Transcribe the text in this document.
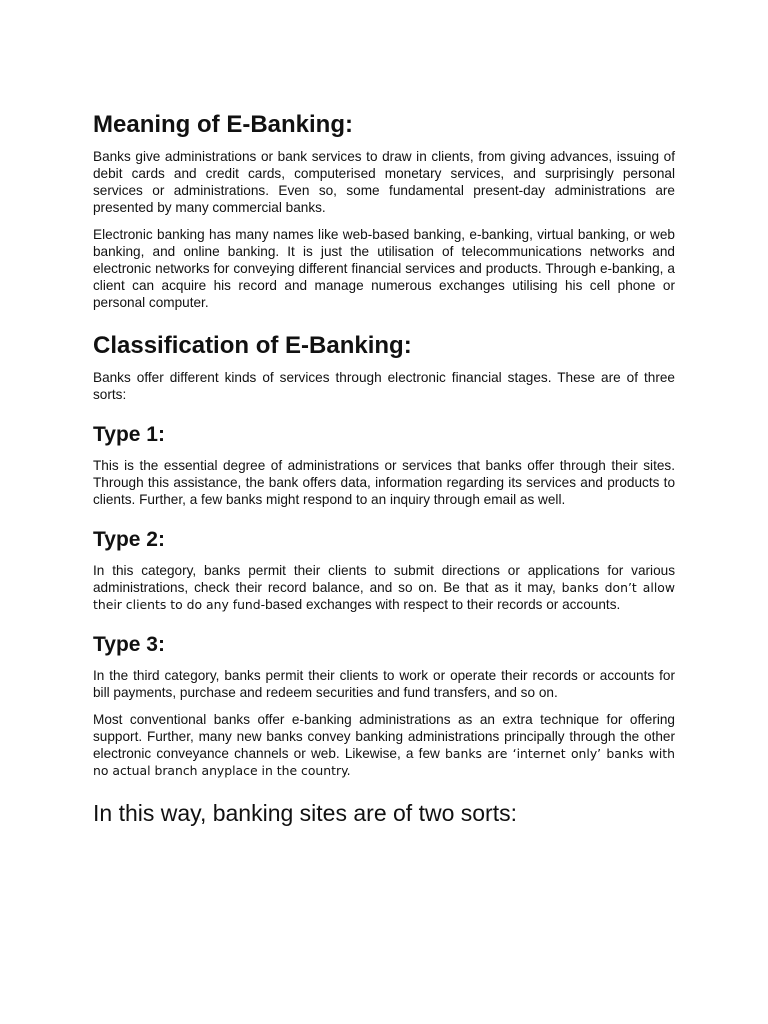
Meaning of E-Banking:

Banks give administrations or bank services to draw in clients, from giving advances, issuing of debit cards and credit cards, computerised monetary services, and surprisingly personal services or administrations. Even so, some fundamental present-day administrations are presented by many commercial banks.

Electronic banking has many names like web-based banking, e-banking, virtual banking, or web banking, and online banking. It is just the utilisation of telecommunications networks and electronic networks for conveying different financial services and products. Through e-banking, a client can acquire his record and manage numerous exchanges utilising his cell phone or personal computer.

Classification of E-Banking:

Banks offer different kinds of services through electronic financial stages. These are of three sorts:

Type 1:

This is the essential degree of administrations or services that banks offer through their sites. Through this assistance, the bank offers data, information regarding its services and products to clients. Further, a few banks might respond to an inquiry through email as well.

Type 2:

In this category, banks permit their clients to submit directions or applications for various administrations, check their record balance, and so on. Be that as it may, banks don’t allow their clients to do any fund-based exchanges with respect to their records or accounts.

Type 3:

In the third category, banks permit their clients to work or operate their records or accounts for bill payments, purchase and redeem securities and fund transfers, and so on.

Most conventional banks offer e-banking administrations as an extra technique for offering support. Further, many new banks convey banking administrations principally through the other electronic conveyance channels or web. Likewise, a few banks are ‘internet only’ banks with no actual branch anyplace in the country.

In this way, banking sites are of two sorts:
